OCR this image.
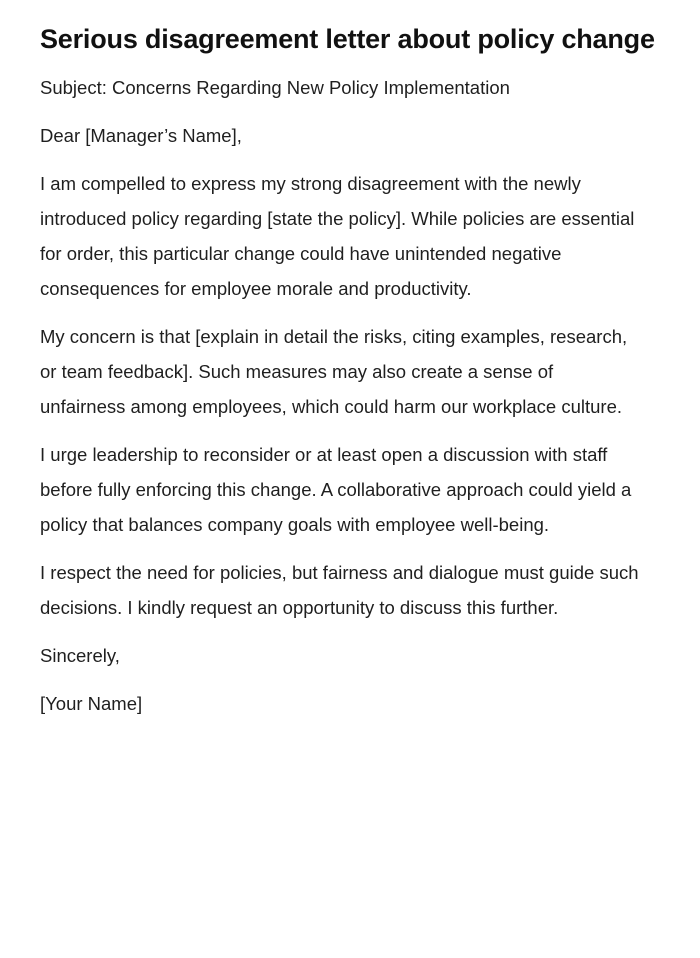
Serious disagreement letter about policy change

Subject: Concerns Regarding New Policy Implementation

Dear [Manager’s Name],

I am compelled to express my strong disagreement with the newly introduced policy regarding [state the policy]. While policies are essential for order, this particular change could have unintended negative consequences for employee morale and productivity.

My concern is that [explain in detail the risks, citing examples, research, or team feedback]. Such measures may also create a sense of unfairness among employees, which could harm our workplace culture.

I urge leadership to reconsider or at least open a discussion with staff before fully enforcing this change. A collaborative approach could yield a policy that balances company goals with employee well-being.

I respect the need for policies, but fairness and dialogue must guide such decisions. I kindly request an opportunity to discuss this further.

Sincerely,

[Your Name]
